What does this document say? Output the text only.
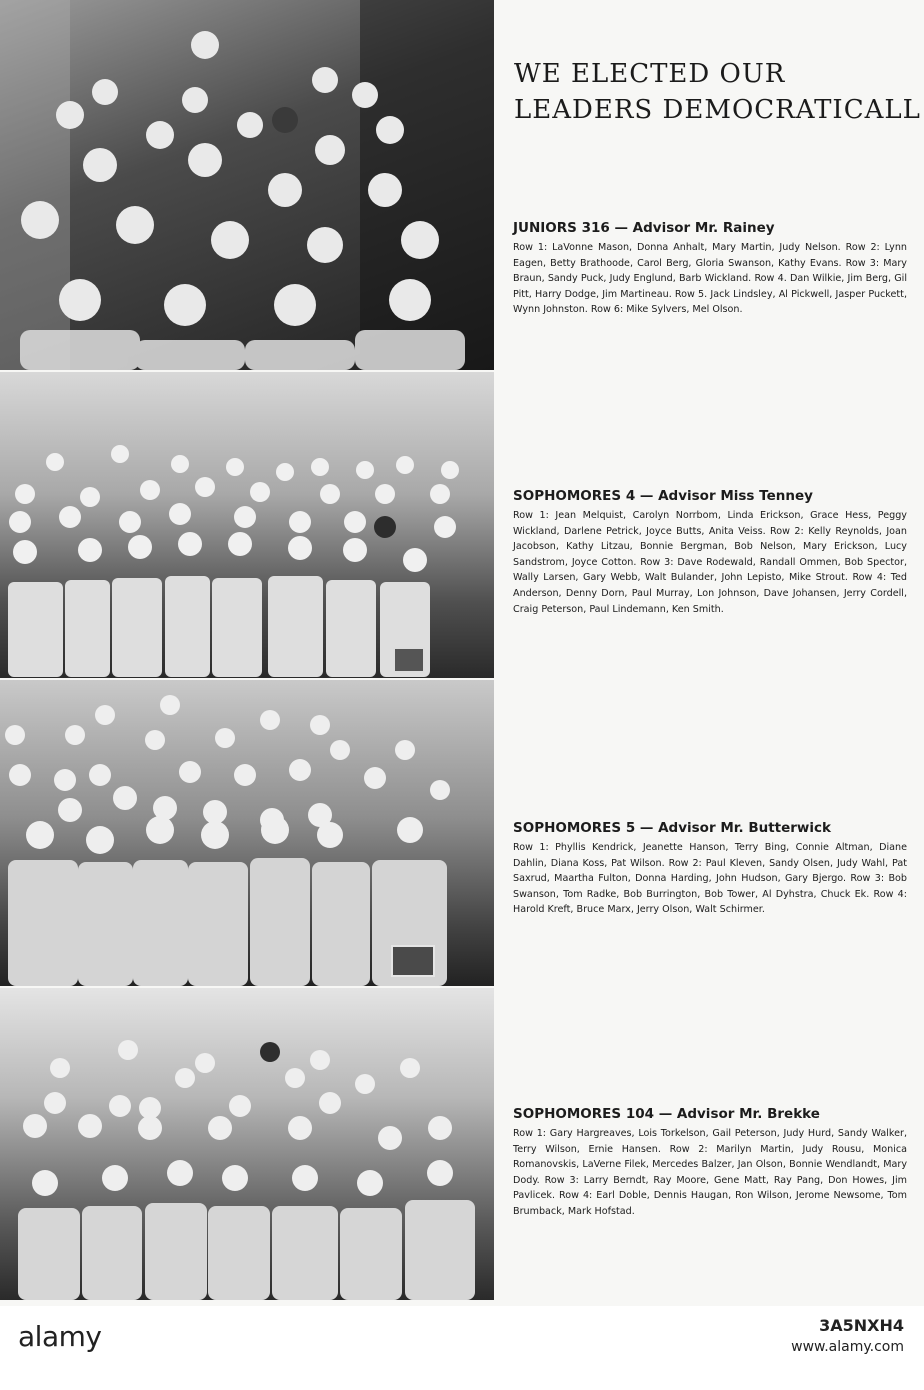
WE ELECTED OUR
LEADERS DEMOCRATICALL

JUNIORS 316 — Advisor Mr. Rainey

Row 1: LaVonne Mason, Donna Anhalt, Mary Martin, Judy Nelson. Row 2: Lynn Eagen, Betty Brathoode, Carol Berg, Gloria Swanson, Kathy Evans. Row 3: Mary Braun, Sandy Puck, Judy Englund, Barb Wickland. Row 4. Dan Wilkie, Jim Berg, Gil Pitt, Harry Dodge, Jim Martineau. Row 5. Jack Lindsley, Al Pickwell, Jasper Puckett, Wynn Johnston. Row 6: Mike Sylvers, Mel Olson.

SOPHOMORES 4 — Advisor Miss Tenney

Row 1: Jean Melquist, Carolyn Norrbom, Linda Erickson, Grace Hess, Peggy Wickland, Darlene Petrick, Joyce Butts, Anita Veiss. Row 2: Kelly Reynolds, Joan Jacobson, Kathy Litzau, Bonnie Bergman, Bob Nelson, Mary Erickson, Lucy Sandstrom, Joyce Cotton. Row 3: Dave Rodewald, Randall Ommen, Bob Spector, Wally Larsen, Gary Webb, Walt Bulander, John Lepisto, Mike Strout. Row 4: Ted Anderson, Denny Dorn, Paul Murray, Lon Johnson, Dave Johansen, Jerry Cordell, Craig Peterson, Paul Lindemann, Ken Smith.

SOPHOMORES 5 — Advisor Mr. Butterwick

Row 1: Phyllis Kendrick, Jeanette Hanson, Terry Bing, Connie Altman, Diane Dahlin, Diana Koss, Pat Wilson. Row 2: Paul Kleven, Sandy Olsen, Judy Wahl, Pat Saxrud, Maartha Fulton, Donna Harding, John Hudson, Gary Bjergo. Row 3: Bob Swanson, Tom Radke, Bob Burrington, Bob Tower, Al Dyhstra, Chuck Ek. Row 4: Harold Kreft, Bruce Marx, Jerry Olson, Walt Schirmer.

SOPHOMORES 104 — Advisor Mr. Brekke

Row 1: Gary Hargreaves, Lois Torkelson, Gail Peterson, Judy Hurd, Sandy Walker, Terry Wilson, Ernie Hansen. Row 2: Marilyn Martin, Judy Rousu, Monica Romanovskis, LaVerne Filek, Mercedes Balzer, Jan Olson, Bonnie Wendlandt, Mary Dody. Row 3: Larry Berndt, Ray Moore, Gene Matt, Ray Pang, Don Howes, Jim Pavlicek. Row 4: Earl Doble, Dennis Haugan, Ron Wilson, Jerome Newsome, Tom Brumback, Mark Hofstad.

alamy	3A5NXH4
www.alamy.com
